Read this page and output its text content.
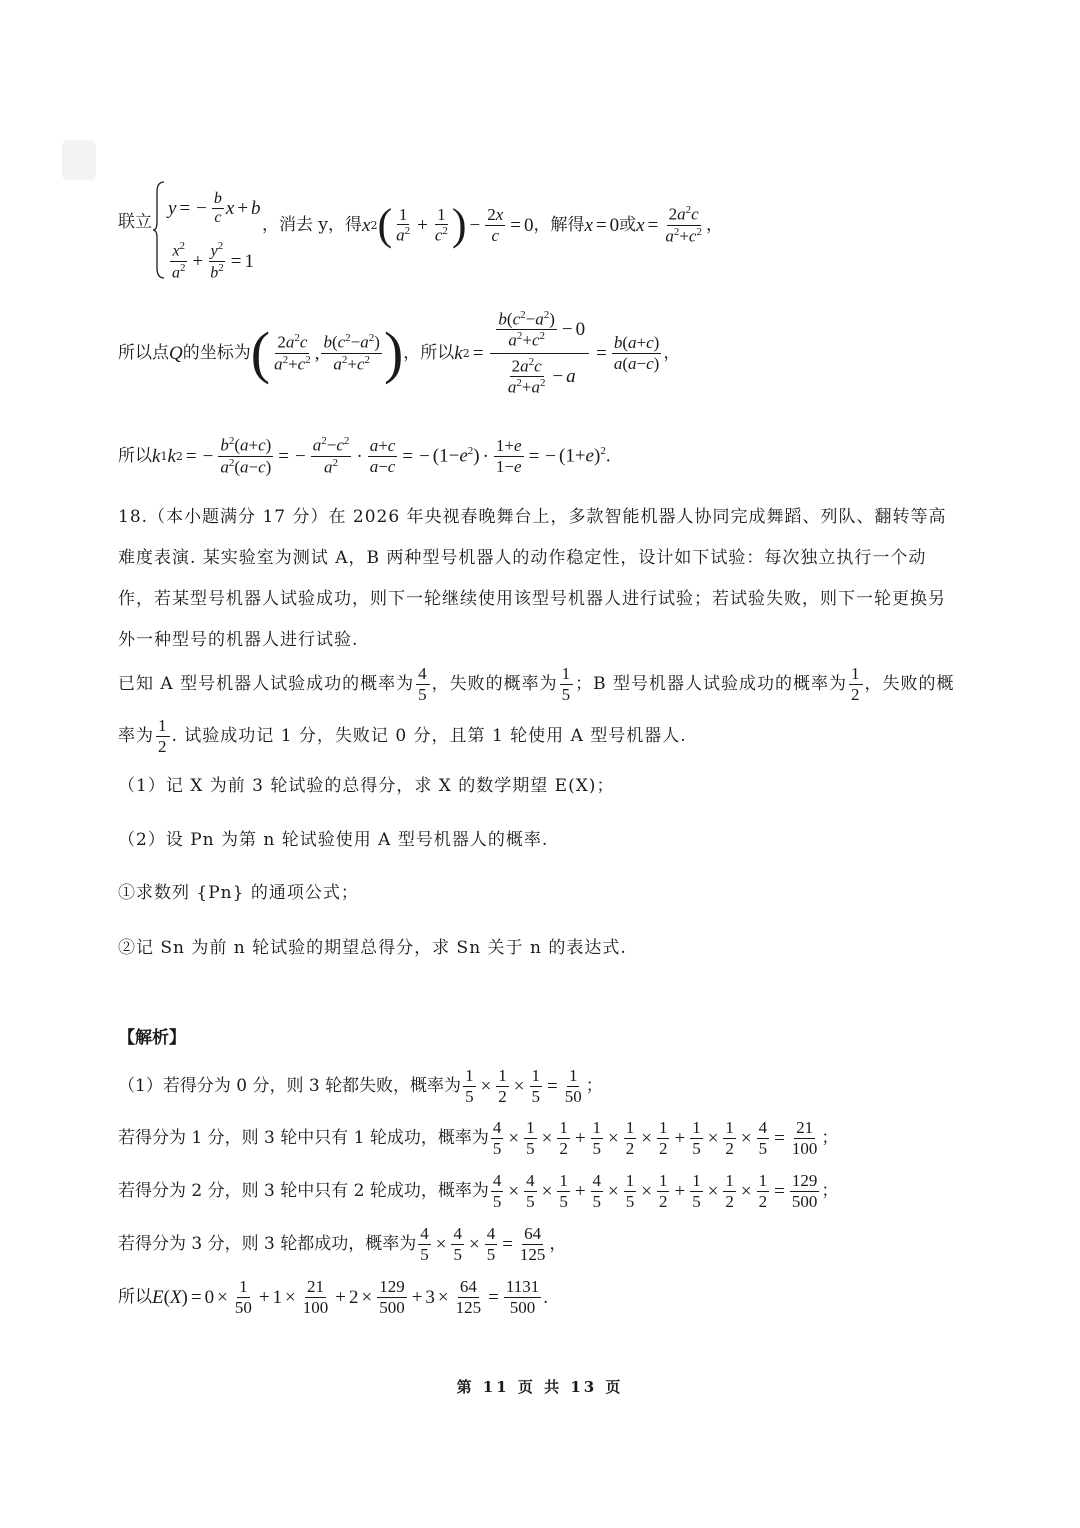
联立
y = − $\frac{b}{c}$ x + b
$\frac{x^2}{a^2} + \frac{y^2}{b^2} = 1$
，消去 y，得 x 2 ( $\frac{1}{a^2} + \frac{1}{c^2}$ ) − $\frac{2x}{c} = 0$ ，解得 x = 0 或 $x = \frac{2a^2c}{a^2+c^2}$ ，
所以点 Q 的坐标为 ( $\frac{2a^2c}{a^2+c^2}$ , $\frac{b(c^2-a^2)}{a^2+c^2}$ ) ，所以 k $2 = \frac{\frac{b(c^2-a^2)}{a^2+c^2} - 0}{\frac{2a^2c}{a^2+a^2} - a} = \frac{b(a+c)}{a(a-c)}$ ，
所以 k 1 k 2 = − $\frac{b^2(a+c)}{a^2(a-c)}$ = − $\frac{a^2-c^2}{a^2} \cdot \frac{a+c}{a-c}$ = − $(1-e^2) \cdot \frac{1+e}{1-e}$ = − $(1+e)^2$.
18.（本小题满分 17 分）在 2026 年央视春晚舞台上，多款智能机器人协同完成舞蹈、列队、翻转等高难度表演. 某实验室为测试 A，B 两种型号机器人的动作稳定性，设计如下试验：每次独立执行一个动作，若某型号机器人试验成功，则下一轮继续使用该型号机器人进行试验；若试验失败，则下一轮更换另外一种型号的机器人进行试验.
已知 A 型号机器人试验成功的概率为 $\frac{4}{5}$ ，失败的概率为 $\frac{1}{5}$ ；B 型号机器人试验成功的概率为 $\frac{1}{2}$ ，失败的概
率为 $\frac{1}{2}$ . 试验成功记 1 分，失败记 0 分，且第 1 轮使用 A 型号机器人.
（1）记 X 为前 3 轮试验的总得分，求 X 的数学期望 E(X)；
（2）设 Pn 为第 n 轮试验使用 A 型号机器人的概率.
①求数列 {Pn} 的通项公式；
②记 Sn 为前 n 轮试验的期望总得分，求 Sn 关于 n 的表达式.
【解析】
（1）若得分为 0 分，则 3 轮都失败，概率为 $\frac{1}{5} \times \frac{1}{2} \times \frac{1}{5} = \frac{1}{50}$ ；
若得分为 1 分，则 3 轮中只有 1 轮成功，概率为 $\frac{4}{5} \times \frac{1}{5} \times \frac{1}{2} + \frac{1}{5} \times \frac{1}{2} \times \frac{1}{2} + \frac{1}{5} \times \frac{1}{2} \times \frac{4}{5} = \frac{21}{100}$ ；
若得分为 2 分，则 3 轮中只有 2 轮成功，概率为 $\frac{4}{5} \times \frac{4}{5} \times \frac{1}{5} + \frac{4}{5} \times \frac{1}{5} \times \frac{1}{2} + \frac{1}{5} \times \frac{1}{2} \times \frac{1}{2} = \frac{129}{500}$ ；
若得分为 3 分，则 3 轮都成功，概率为 $\frac{4}{5} \times \frac{4}{5} \times \frac{4}{5} = \frac{64}{125}$ ，
所以 E ( X ) = $0 \times \frac{1}{50} + 1 \times \frac{21}{100} + 2 \times \frac{129}{500} + 3 \times \frac{64}{125} = \frac{1131}{500}$ .
第 11 页 共 13 页
